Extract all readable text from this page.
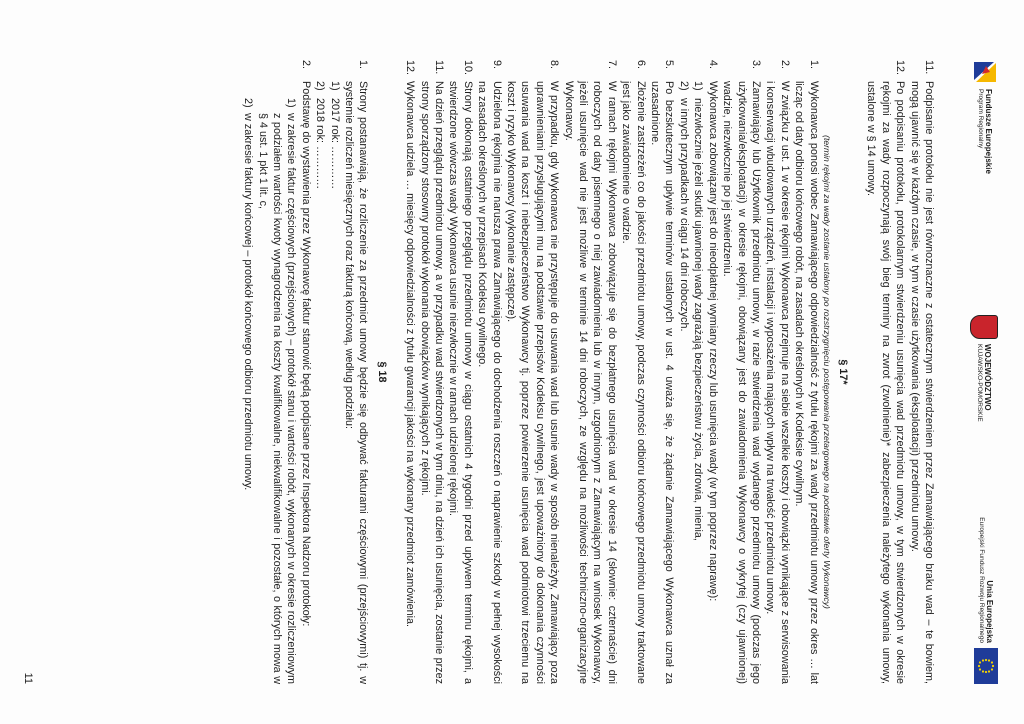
Fundusze Europejskie
Program Regionalny
WOJEWÓDZTWO
KUJAWSKO-POMORSKIE
Unia Europejska
Europejski Fundusz Rozwoju Regionalnego
11.
Podpisanie protokołu nie jest równoznaczne z ostatecznym stwierdzeniem przez Zamawiającego braku wad – te bowiem, mogą ujawnić się w każdym czasie, w tym w czasie użytkowania (eksploatacji) przedmiotu umowy.
12.
Po podpisaniu protokołu, protokolarnym stwierdzeniu usunięcia wad przedmiotu umowy, w tym stwierdzonych w okresie rękojmi za wady rozpoczynają swój bieg terminy na zwrot (zwolnienie)* zabezpieczenia należytego wykonania umowy, ustalone w § 14 umowy.
§ 17*
(termin rękojmi za wady zostanie ustalony po rozstrzygnięciu postępowania przetargowego na podstawie oferty Wykonawcy)
1.
Wykonawca ponosi wobec Zamawiającego odpowiedzialność z tytułu rękojmi za wady przedmiotu umowy przez okres … lat licząc od daty odbioru końcowego robót, na zasadach określonych w Kodeksie cywilnym.
2.
W związku z ust. 1 w okresie rękojmi Wykonawca przejmuje na siebie wszelkie koszty i obowiązki wynikające z serwisowania i konserwacji wbudowanych urządzeń, instalacji i wyposażenia mających wpływ na trwałość przedmiotu umowy.
3.
Zamawiający lub Użytkownik przedmiotu umowy, w razie stwierdzenia wad wydanego przedmiotu umowy (podczas jego użytkowania/eksploatacji) w okresie rękojmi, obowiązany jest do zawiadomienia Wykonawcy o wykrytej (czy ujawnionej) wadzie, niezwłocznie po jej stwierdzeniu.
4.
Wykonawca zobowiązany jest do nieodpłatnej wymiany rzeczy lub usunięcia wady (w tym poprzez naprawę):
1)
niezwłocznie jeżeli skutki ujawnionej wady zagrażają bezpieczeństwu życia, zdrowia, mienia,
2)
w innych przypadkach w ciągu 14 dni roboczych.
5.
Po bezskutecznym upływie terminów ustalonych w ust. 4 uważa się, że żądanie Zamawiającego Wykonawca uznał za uzasadnione.
6.
Złożenie zastrzeżeń co do jakości przedmiotu umowy, podczas czynności odbioru końcowego przedmiotu umowy traktowane jest jako zawiadomienie o wadzie.
7.
W ramach rękojmi Wykonawca zobowiązuje się do bezpłatnego usunięcia wad w okresie 14 (słownie: czternaście) dni roboczych od daty pisemnego o niej zawiadomienia lub w innym, uzgodnionym z Zamawiającym na wniosek Wykonawcy, jeżeli usunięcie wad nie jest możliwe w terminie 14 dni roboczych, ze względu na możliwości techniczno-organizacyjne Wykonawcy.
8.
W przypadku, gdy Wykonawca nie przystępuje do usuwania wad lub usunie wady w sposób nienależyty, Zamawiający poza uprawnieniami przysługującymi mu na podstawie przepisów Kodeksu cywilnego, jest upoważniony do dokonania czynności usuwania wad na koszt i niebezpieczeństwo Wykonawcy tj. poprzez powierzenie usunięcia wad podmiotowi trzeciemu na koszt i ryzyko Wykonawcy (wykonanie zastępcze).
9.
Udzielona rękojmia nie narusza prawa Zamawiającego do dochodzenia roszczeń o naprawienie szkody w pełnej wysokości na zasadach określonych w przepisach Kodeksu cywilnego.
10.
Strony dokonają ostatniego przeglądu przedmiotu umowy w ciągu ostatnich 4 tygodni przed upływem terminu rękojmi, a stwierdzone wówczas wady Wykonawca usunie niezwłocznie w ramach udzielonej rękojmi.
11.
Na dzień przeglądu przedmiotu umowy, a w przypadku wad stwierdzonych w tym dniu, na dzień ich usunięcia, zostanie przez strony sporządzony stosowny protokół wykonania obowiązków wynikających z rękojmi.
12.
Wykonawca udziela … miesięcy odpowiedzialności z tytułu gwarancji jakości na wykonany przedmiot zamówienia.
§ 18
1.
Strony postanawiają, że rozliczenie za przedmiot umowy będzie się odbywać fakturami częściowymi (przejściowymi) tj. w systemie rozliczeń miesięcznych oraz fakturą końcową, według podziału:
1)
2017 rok: …………
2)
2018 rok: …………
2.
Podstawę do wystawienia przez Wykonawcę faktur stanowić będą podpisane przez Inspektora Nadzoru protokoły:
1)
w zakresie faktur częściowych (przejściowych) – protokół stanu i wartości robót, wykonanych w okresie rozliczeniowym z podziałem wartości kwoty wynagrodzenia na koszty kwalifikowalne, niekwalifikowalne i pozostałe, o których mowa w § 4 ust. 1 pkt 1 lit. c,
2)
w zakresie faktury końcowej – protokół końcowego odbioru przedmiotu umowy.
11
